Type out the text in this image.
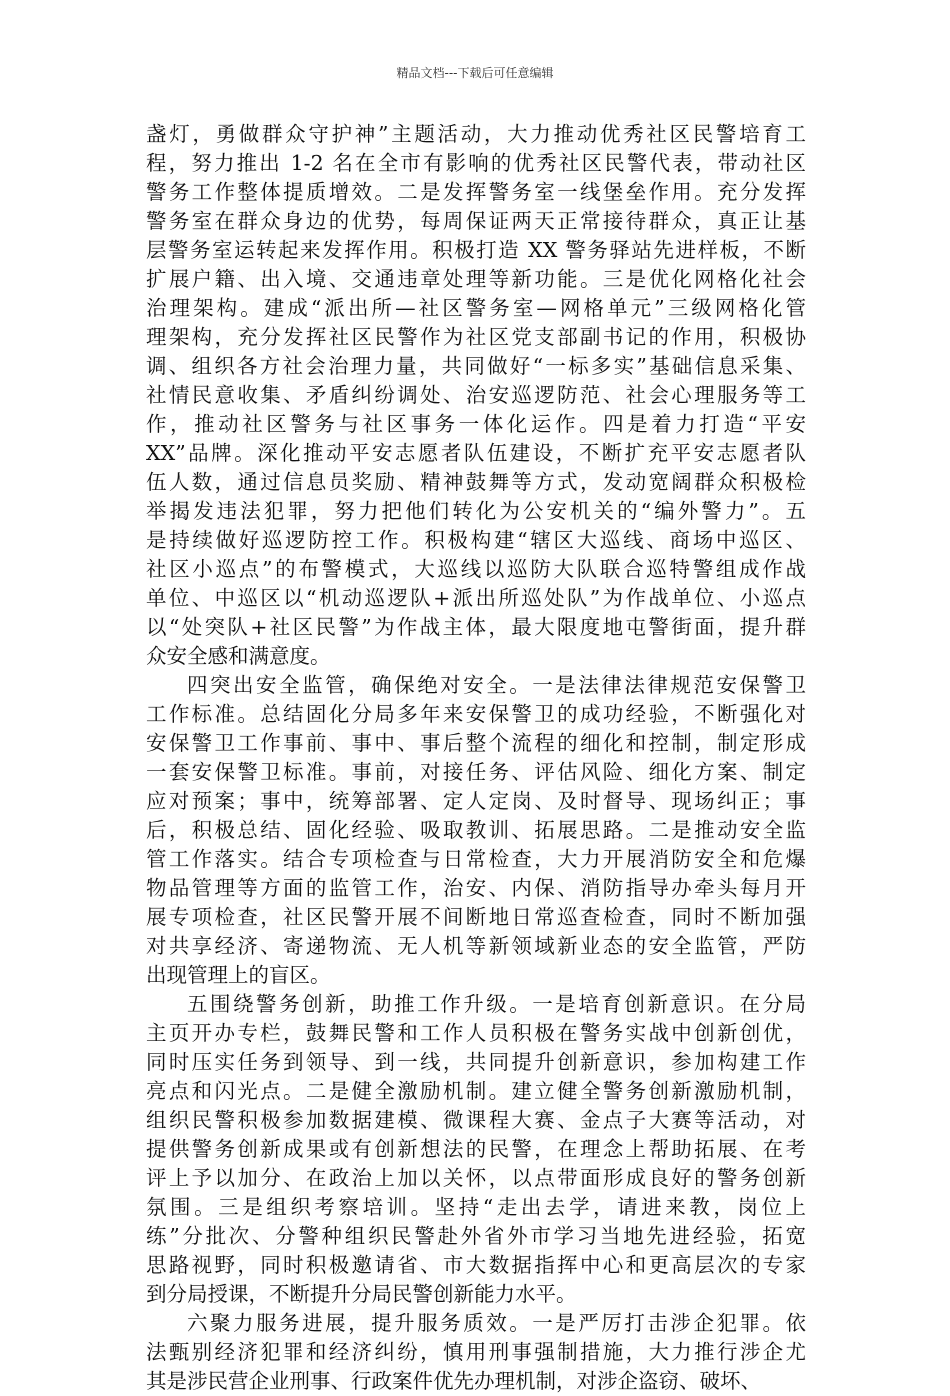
精品文档---下载后可任意编辑
盏灯，勇做群众守护神”主题活动，大力推动优秀社区民警培育工
程，努力推出 1-2 名在全市有影响的优秀社区民警代表，带动社区
警务工作整体提质增效。二是发挥警务室一线堡垒作用。充分发挥
警务室在群众身边的优势，每周保证两天正常接待群众，真正让基
层警务室运转起来发挥作用。积极打造 XX 警务驿站先进样板，不断
扩展户籍、出入境、交通违章处理等新功能。三是优化网格化社会
治理架构。建成“派出所—社区警务室—网格单元”三级网格化管
理架构，充分发挥社区民警作为社区党支部副书记的作用，积极协
调、组织各方社会治理力量，共同做好“一标多实”基础信息采集、
社情民意收集、矛盾纠纷调处、治安巡逻防范、社会心理服务等工
作，推动社区警务与社区事务一体化运作。四是着力打造“平安
XX”品牌。深化推动平安志愿者队伍建设，不断扩充平安志愿者队
伍人数，通过信息员奖励、精神鼓舞等方式，发动宽阔群众积极检
举揭发违法犯罪，努力把他们转化为公安机关的“编外警力”。五
是持续做好巡逻防控工作。积极构建“辖区大巡线、商场中巡区、
社区小巡点”的布警模式，大巡线以巡防大队联合巡特警组成作战
单位、中巡区以“机动巡逻队+派出所巡处队”为作战单位、小巡点
以“处突队+社区民警”为作战主体，最大限度地屯警街面，提升群
众安全感和满意度。
四突出安全监管，确保绝对安全。一是法律法律规范安保警卫
工作标准。总结固化分局多年来安保警卫的成功经验，不断强化对
安保警卫工作事前、事中、事后整个流程的细化和控制，制定形成
一套安保警卫标准。事前，对接任务、评估风险、细化方案、制定
应对预案；事中，统筹部署、定人定岗、及时督导、现场纠正；事
后，积极总结、固化经验、吸取教训、拓展思路。二是推动安全监
管工作落实。结合专项检查与日常检查，大力开展消防安全和危爆
物品管理等方面的监管工作，治安、内保、消防指导办牵头每月开
展专项检查，社区民警开展不间断地日常巡查检查，同时不断加强
对共享经济、寄递物流、无人机等新领域新业态的安全监管，严防
出现管理上的盲区。
五围绕警务创新，助推工作升级。一是培育创新意识。在分局
主页开办专栏，鼓舞民警和工作人员积极在警务实战中创新创优，
同时压实任务到领导、到一线，共同提升创新意识，参加构建工作
亮点和闪光点。二是健全激励机制。建立健全警务创新激励机制，
组织民警积极参加数据建模、微课程大赛、金点子大赛等活动，对
提供警务创新成果或有创新想法的民警，在理念上帮助拓展、在考
评上予以加分、在政治上加以关怀，以点带面形成良好的警务创新
氛围。三是组织考察培训。坚持“走出去学，请进来教，岗位上
练”分批次、分警种组织民警赴外省外市学习当地先进经验，拓宽
思路视野，同时积极邀请省、市大数据指挥中心和更高层次的专家
到分局授课，不断提升分局民警创新能力水平。
六聚力服务进展，提升服务质效。一是严厉打击涉企犯罪。依
法甄别经济犯罪和经济纠纷，慎用刑事强制措施，大力推行涉企尤
其是涉民营企业刑事、行政案件优先办理机制，对涉企盗窃、破坏、
